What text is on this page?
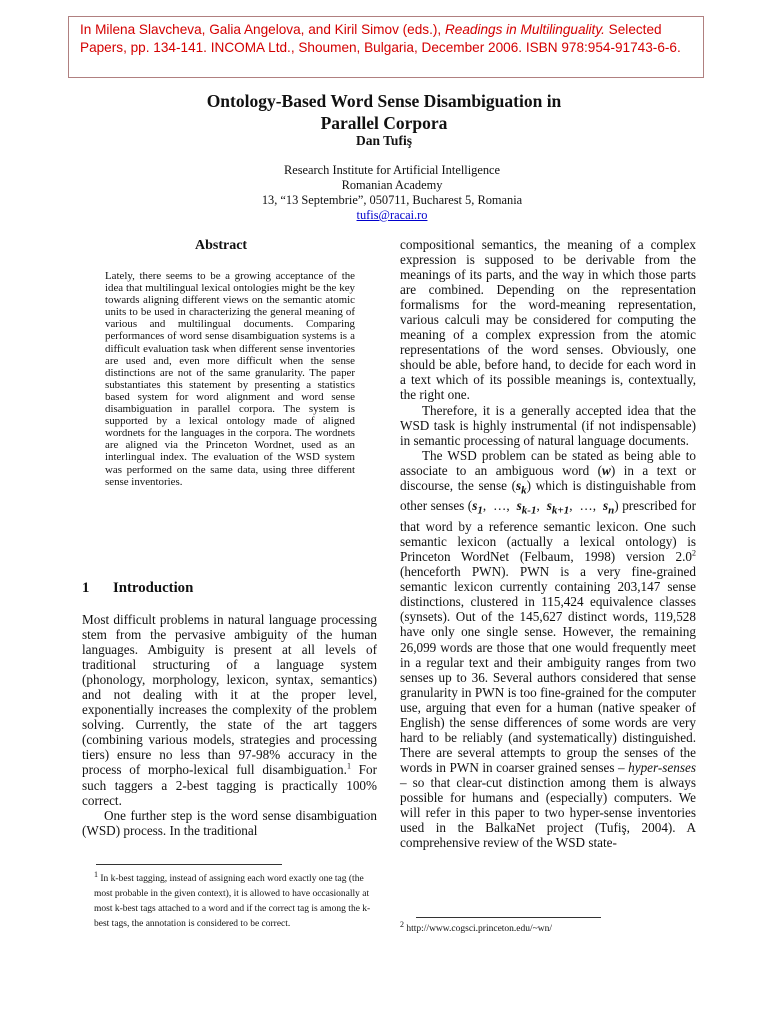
In Milena Slavcheva, Galia Angelova, and Kiril Simov (eds.), Readings in Multilinguality. Selected Papers, pp. 134-141. INCOMA Ltd., Shoumen, Bulgaria, December 2006. ISBN 978:954-91743-6-6.
Ontology-Based Word Sense Disambiguation in
Parallel Corpora
Dan Tufiş
Research Institute for Artificial Intelligence
Romanian Academy
13, “13 Septembrie”, 050711, Bucharest 5, Romania
tufis@racai.ro
Abstract
Lately, there seems to be a growing acceptance of the idea that multilingual lexical ontologies might be the key towards aligning different views on the semantic atomic units to be used in characterizing the general meaning of various and multilingual documents. Comparing performances of word sense disambiguation systems is a difficult evaluation task when different sense inventories are used and, even more difficult when the sense distinctions are not of the same granularity. The paper substantiates this statement by presenting a statistics based system for word alignment and word sense disambiguation in parallel corpora. The system is supported by a lexical ontology made of aligned wordnets for the languages in the corpora. The wordnets are aligned via the Princeton Wordnet, used as an interlingual index. The evaluation of the WSD system was performed on the same data, using three different sense inventories.
1 Introduction

Most difficult problems in natural language processing stem from the pervasive ambiguity of the human languages. Ambiguity is present at all levels of traditional structuring of a language system (phonology, morphology, lexicon, syntax, semantics) and not dealing with it at the proper level, exponentially increases the complexity of the problem solving. Currently, the state of the art taggers (combining various models, strategies and processing tiers) ensure no less than 97-98% accuracy in the process of morpho-lexical full disambiguation.$^1$ For such taggers a 2-best tagging is practically 100% correct.

One further step is the word sense disambiguation (WSD) process. In the traditional

compositional semantics, the meaning of a complex expression is supposed to be derivable from the meanings of its parts, and the way in which those parts are combined. Depending on the representation formalisms for the word-meaning representation, various calculi may be considered for computing the meaning of a complex expression from the atomic representations of the word senses. Obviously, one should be able, before hand, to decide for each word in a text which of its possible meanings is, contextually, the right one.

Therefore, it is a generally accepted idea that the WSD task is highly instrumental (if not indispensable) in semantic processing of natural language documents.

The WSD problem can be stated as being able to associate to an ambiguous word (w) in a text or discourse, the sense $(s_k)$ which is distinguishable from other senses ($s_1$,  …,  $s_{k-1}$,  $s_{k+1}$,  …,  $s_n$) prescribed for that word by a reference semantic lexicon. One such semantic lexicon (actually a lexical ontology) is Princeton WordNet (Felbaum, 1998) version $2.0^2$ (henceforth PWN). PWN is a very fine-grained semantic lexicon currently containing 203,147 sense distinctions, clustered in 115,424 equivalence classes (synsets). Out of the 145,627 distinct words, 119,528 have only one single sense. However, the remaining 26,099 words are those that one would frequently meet in a regular text and their ambiguity ranges from two senses up to 36. Several authors considered that sense granularity in PWN is too fine-grained for the computer use, arguing that even for a human (native speaker of English) the sense differences of some words are very hard to be reliably (and systematically) distinguished. There are several attempts to group the senses of the words in PWN in coarser grained senses – hyper-senses – so that clear-cut distinction among them is always possible for humans and (especially) computers. We will refer in this paper to two hyper-sense inventories used in the BalkaNet project (Tufiş, 2004). A comprehensive review of the WSD state-

$^1$ In k-best tagging, instead of assigning each word exactly one tag (the most probable in the given context), it is allowed to have occasionally at most k-best tags attached to a word and if the correct tag is among the k-best tags, the annotation is considered to be correct.	$^2$ http://www.cogsci.princeton.edu/~wn/
